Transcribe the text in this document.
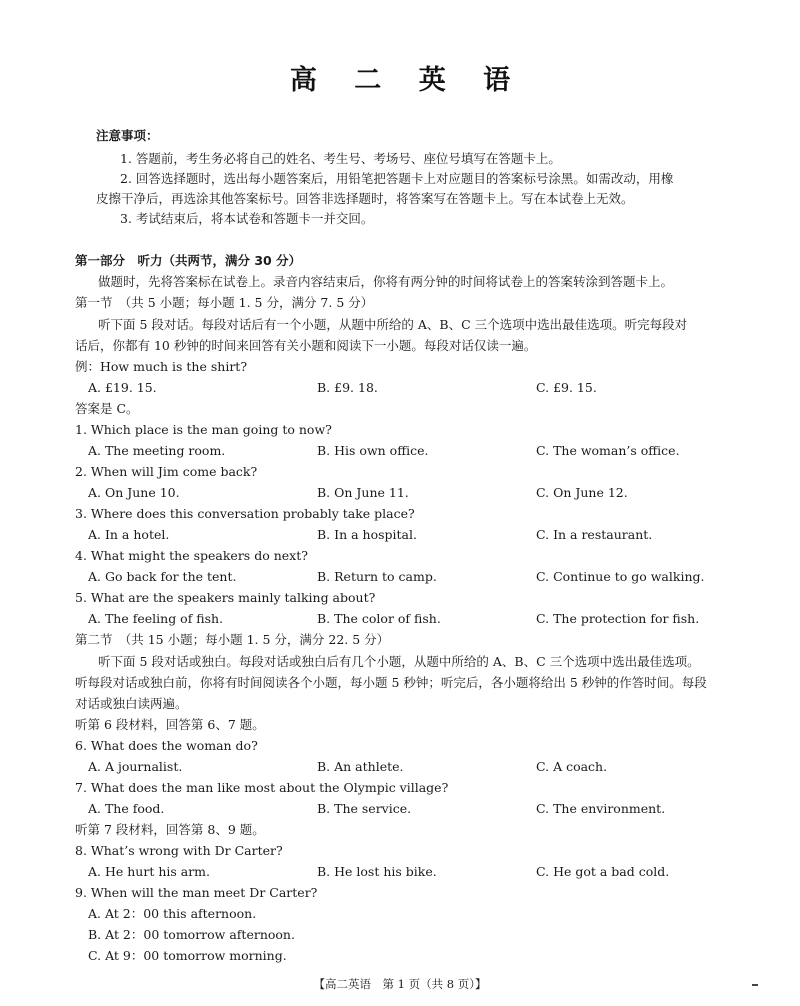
高 二 英 语
注意事项：
1. 答题前，考生务必将自己的姓名、考生号、考场号、座位号填写在答题卡上。
2. 回答选择题时，选出每小题答案后，用铅笔把答题卡上对应题目的答案标号涂黑。如需改动，用橡
皮擦干净后，再选涂其他答案标号。回答非选择题时，将答案写在答题卡上。写在本试卷上无效。
3. 考试结束后，将本试卷和答题卡一并交回。
第一部分　听力（共两节，满分 30 分）
做题时，先将答案标在试卷上。录音内容结束后，你将有两分钟的时间将试卷上的答案转涂到答题卡上。
第一节　（共 5 小题；每小题 1. 5 分，满分 7. 5 分）
听下面 5 段对话。每段对话后有一个小题，从题中所给的 A、B、C 三个选项中选出最佳选项。听完每段对
话后，你都有 10 秒钟的时间来回答有关小题和阅读下一小题。每段对话仅读一遍。
例：How much is the shirt?
A. £19. 15.	B. £9. 18.	C. £9. 15.
答案是 C。
1. Which place is the man going to now?
A. The meeting room.	B. His own office.	C. The woman’s office.
2. When will Jim come back?
A. On June 10.	B. On June 11.	C. On June 12.
3. Where does this conversation probably take place?
A. In a hotel.	B. In a hospital.	C. In a restaurant.
4. What might the speakers do next?
A. Go back for the tent.	B. Return to camp.	C. Continue to go walking.
5. What are the speakers mainly talking about?
A. The feeling of fish.	B. The color of fish.	C. The protection for fish.
第二节　（共 15 小题；每小题 1. 5 分，满分 22. 5 分）
听下面 5 段对话或独白。每段对话或独白后有几个小题，从题中所给的 A、B、C 三个选项中选出最佳选项。
听每段对话或独白前，你将有时间阅读各个小题，每小题 5 秒钟；听完后，各小题将给出 5 秒钟的作答时间。每段
对话或独白读两遍。
听第 6 段材料，回答第 6、7 题。
6. What does the woman do?
A. A journalist.	B. An athlete.	C. A coach.
7. What does the man like most about the Olympic village?
A. The food.	B. The service.	C. The environment.
听第 7 段材料，回答第 8、9 题。
8. What’s wrong with Dr Carter?
A. He hurt his arm.	B. He lost his bike.	C. He got a bad cold.
9. When will the man meet Dr Carter?
A. At 2：00 this afternoon.
B. At 2：00 tomorrow afternoon.
C. At 9：00 tomorrow morning.
【高二英语　第 1 页（共 8 页）】
